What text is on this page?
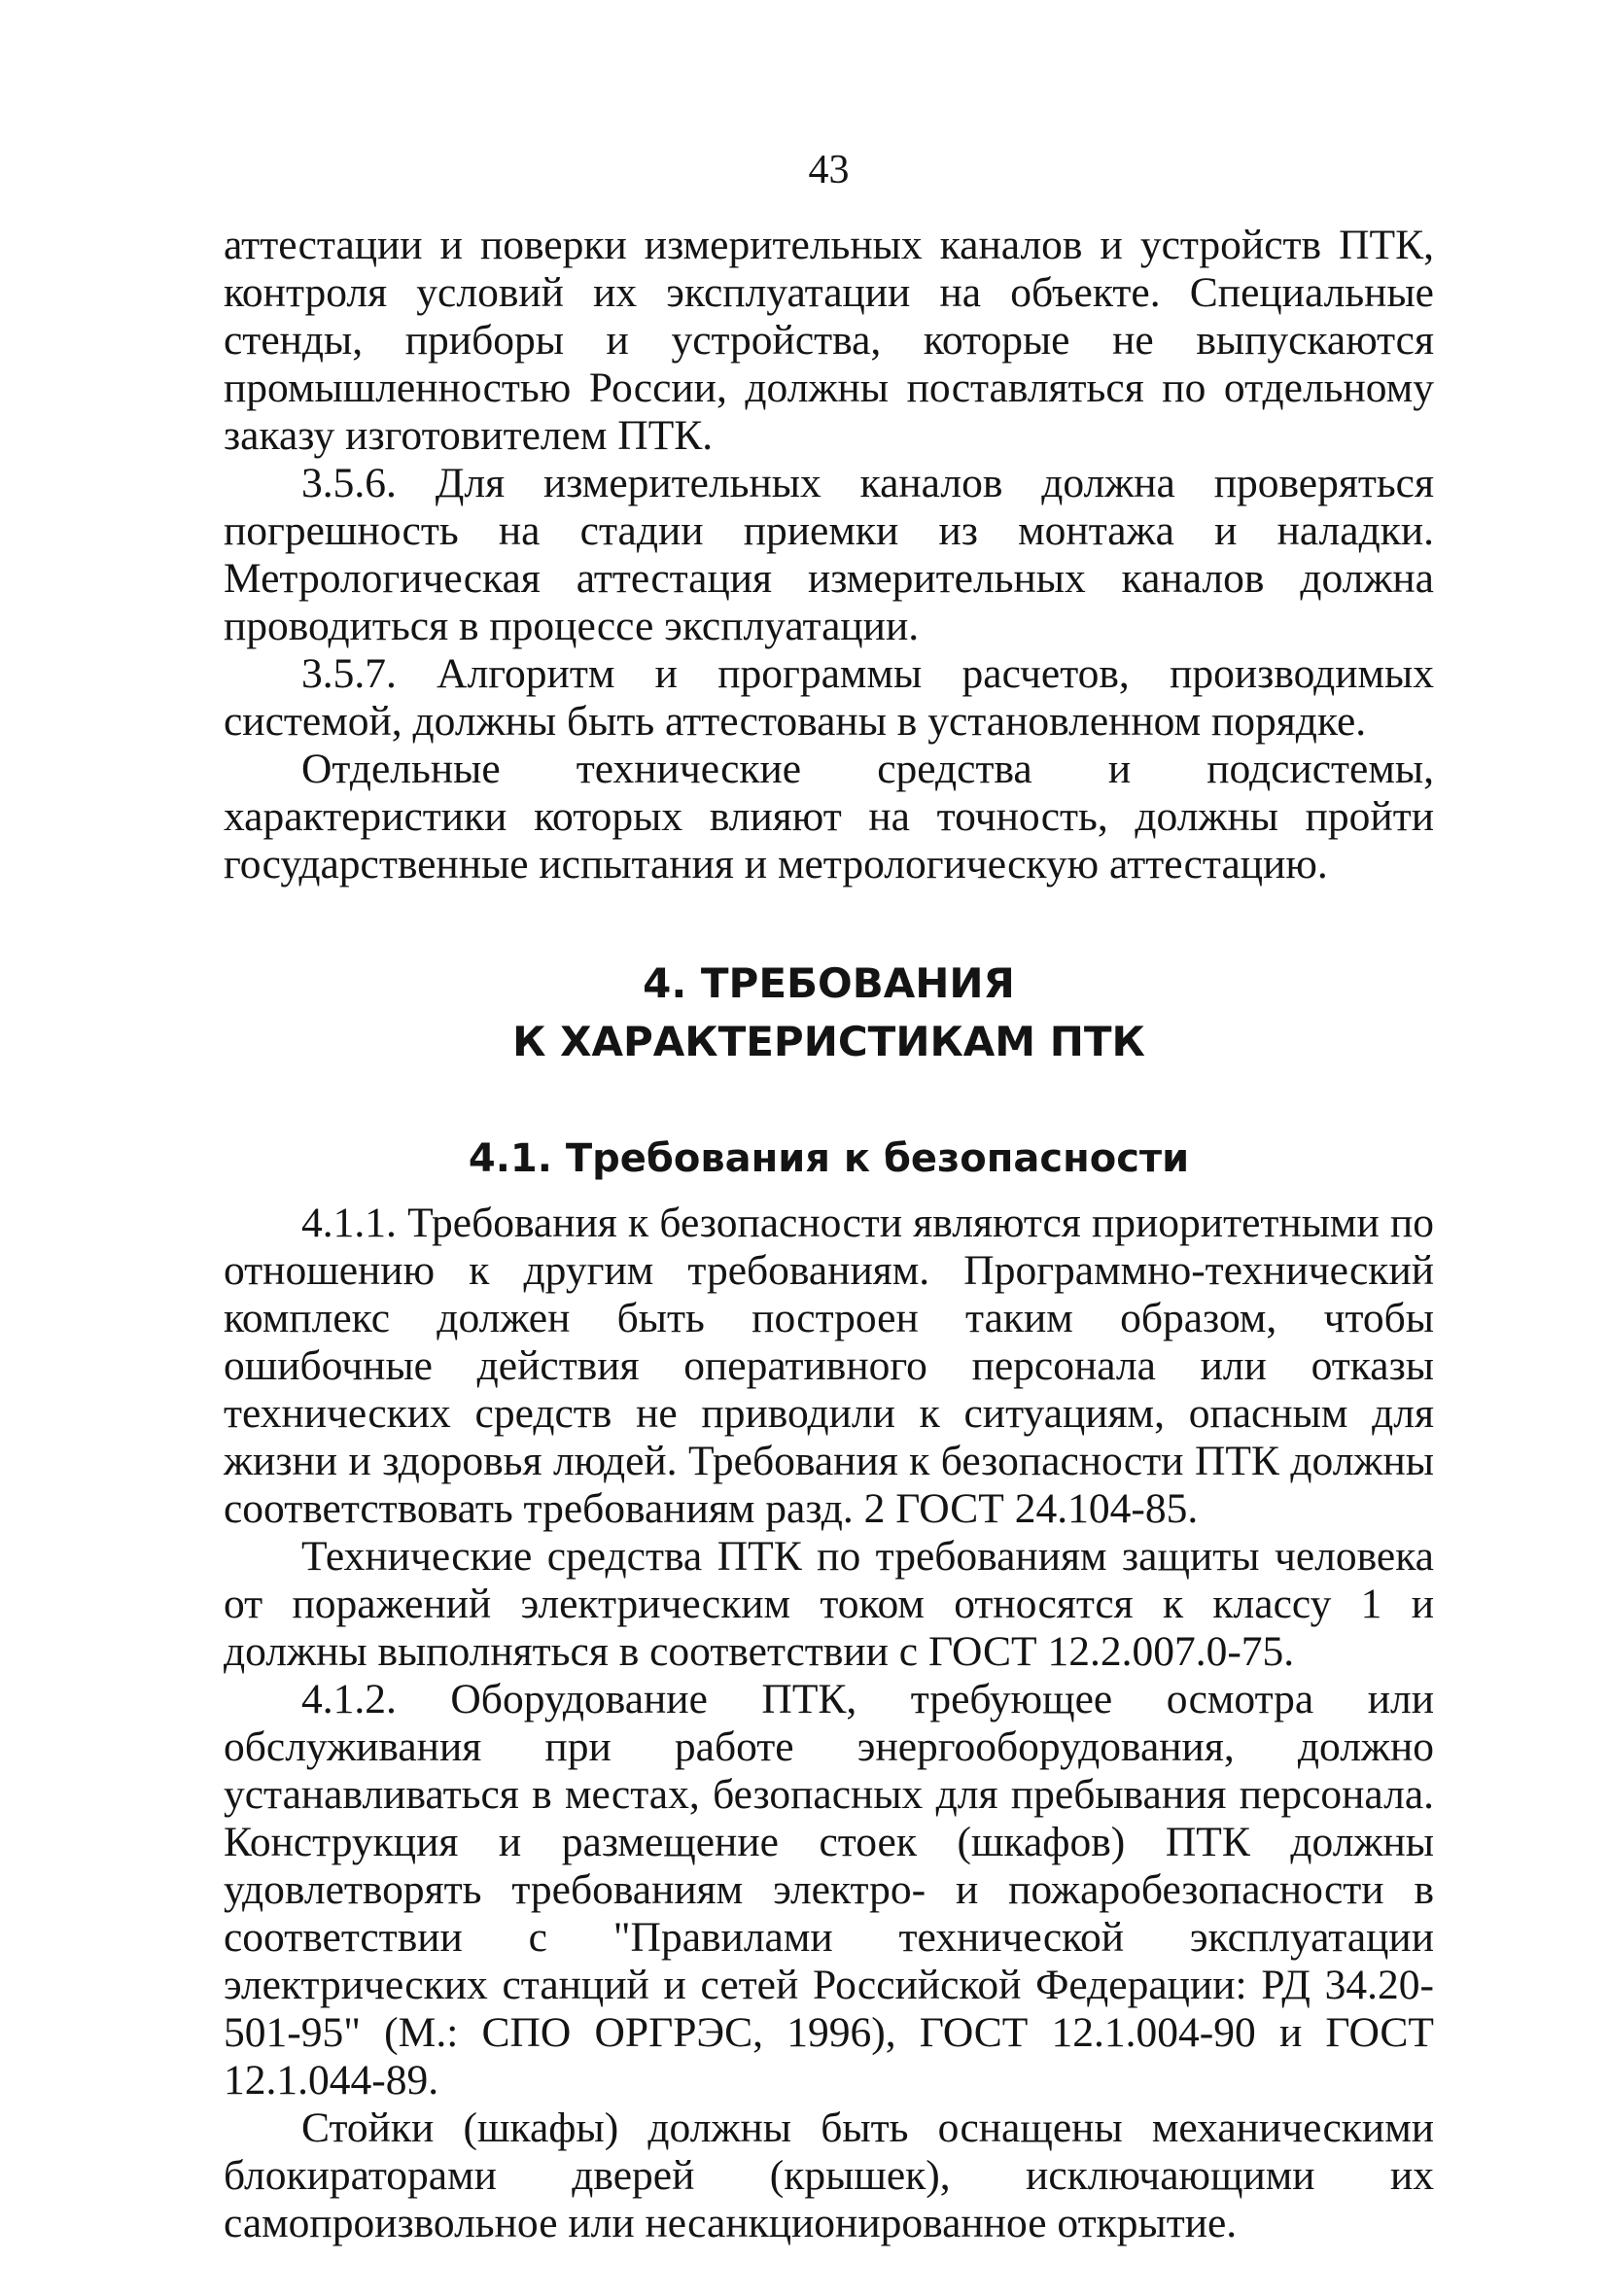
43

аттестации и поверки измерительных каналов и устройств ПТК, контроля условий их эксплуатации на объекте. Специальные стенды, приборы и устройства, которые не выпускаются промышленностью России, должны поставляться по отдельному заказу изготовителем ПТК.

3.5.6. Для измерительных каналов должна проверяться погрешность на стадии приемки из монтажа и наладки. Метрологическая аттестация измерительных каналов должна проводиться в процессе эксплуатации.

3.5.7. Алгоритм и программы расчетов, производимых системой, должны быть аттестованы в установленном порядке.

Отдельные технические средства и подсистемы, характеристики которых влияют на точность, должны пройти государственные испытания и метрологическую аттестацию.

4. ТРЕБОВАНИЯ
К ХАРАКТЕРИСТИКАМ ПТК
4.1. Требования к безопасности

4.1.1. Требования к безопасности являются приоритетными по отношению к другим требованиям. Программно-технический комплекс должен быть построен таким образом, чтобы ошибочные действия оперативного персонала или отказы технических средств не приводили к ситуациям, опасным для жизни и здоровья людей. Требования к безопасности ПТК должны соответствовать требованиям разд. 2 ГОСТ 24.104-85.

Технические средства ПТК по требованиям защиты человека от поражений электрическим током относятся к классу 1 и должны выполняться в соответствии с ГОСТ 12.2.007.0-75.

4.1.2. Оборудование ПТК, требующее осмотра или обслуживания при работе энергооборудования, должно устанавливаться в местах, безопасных для пребывания персонала. Конструкция и размещение стоек (шкафов) ПТК должны удовлетворять требованиям электро- и пожаробезопасности в соответствии с "Правилами технической эксплуатации электрических станций и сетей Российской Федерации: РД 34.20-501-95" (М.: СПО ОРГРЭС, 1996), ГОСТ 12.1.004-90 и ГОСТ 12.1.044-89.

Стойки (шкафы) должны быть оснащены механическими блокираторами дверей (крышек), исключающими их самопроизвольное или несанкционированное открытие.
